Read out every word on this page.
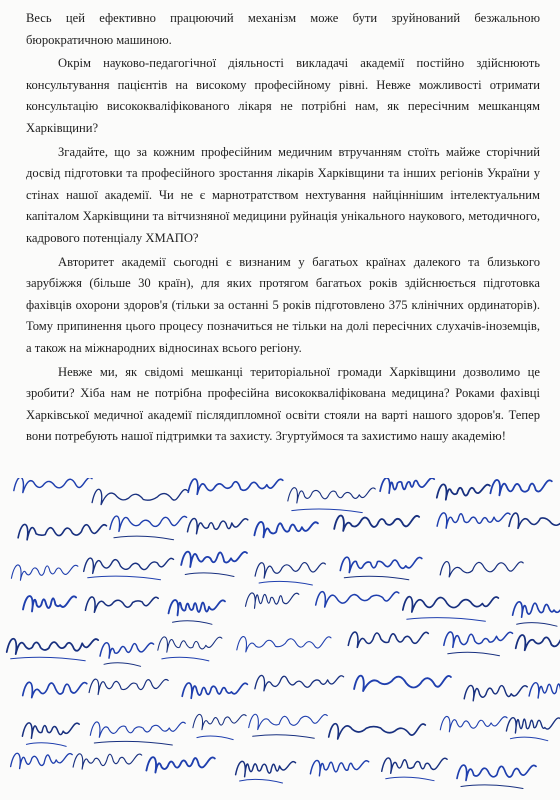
Весь цей ефективно працюючий механізм може бути зруйнований безжальною бюрократичною машиною.

Окрім науково-педагогічної діяльності викладачі академії постійно здійснюють консультування пацієнтів на високому професійному рівні. Невже можливості отримати консультацію висококваліфікованого лікаря не потрібні нам, як пересічним мешканцям Харківщини?

Згадайте, що за кожним професійним медичним втручанням стоїть майже сторічний досвід підготовки та професійного зростання лікарів Харківщини та інших регіонів України у стінах нашої академії. Чи не є марнотратством нехтування найціннішим інтелектуальним капіталом Харківщини та вітчизняної медицини руйнація унікального наукового, методичного, кадрового потенціалу ХМАПО?

Авторитет академії сьогодні є визнаним у багатьох країнах далекого та близького зарубіжжя (більше 30 країн), для яких протягом багатьох років здійснюється підготовка фахівців охорони здоров'я (тільки за останні 5 років підготовлено 375 клінічних ординаторів). Тому припинення цього процесу позначиться не тільки на долі пересічних слухачів-іноземців, а також на міжнародних відносинах всього регіону.

Невже ми, як свідомі мешканці територіальної громади Харківщини дозволимо це зробити? Хіба нам не потрібна професійна висококваліфікована медицина? Роками фахівці Харківської медичної академії післядипломної освіти стояли на варті нашого здоров'я. Тепер вони потребують нашої підтримки та захисту. Згуртуймося та захистимо нашу академію!
